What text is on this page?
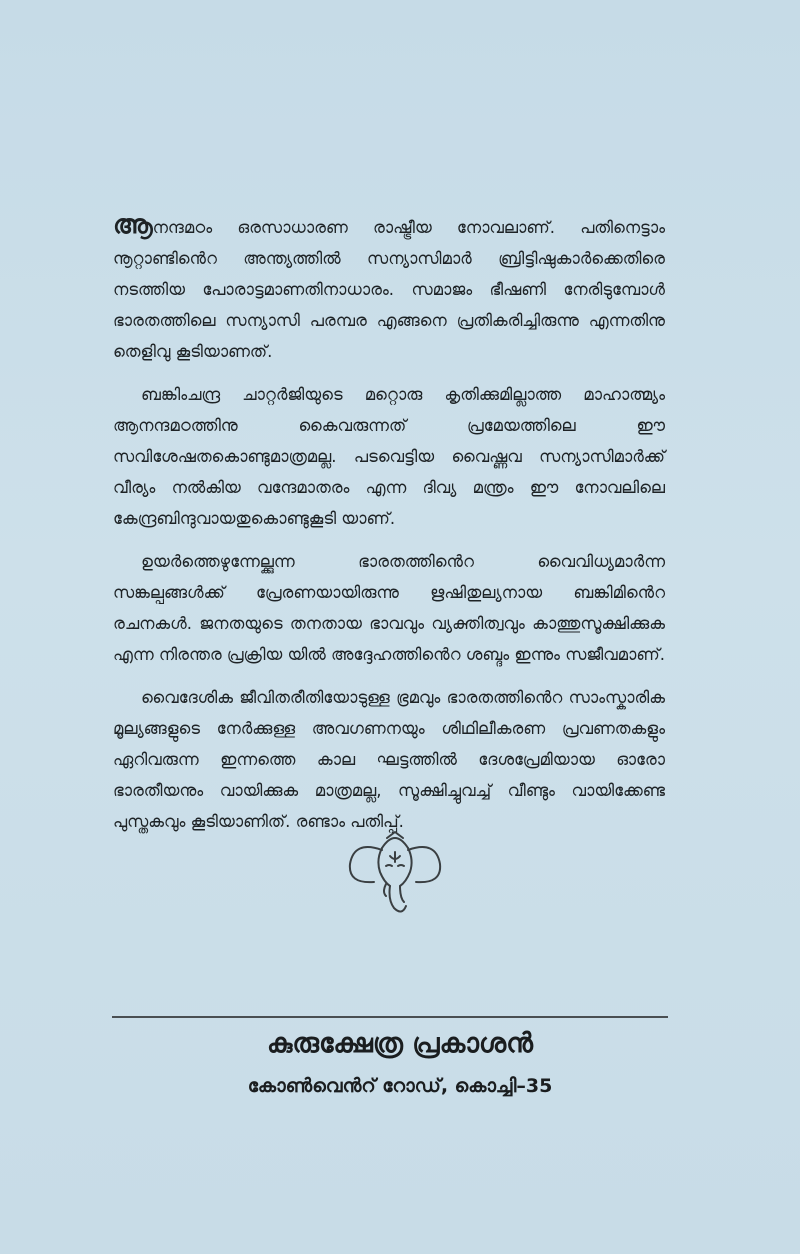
ആനന്ദമഠം ഒരസാധാരണ രാഷ്ട്രീയ നോവലാണ്. പതിനെട്ടാം നൂറ്റാണ്ടിൻെറ അന്ത്യത്തിൽ സന്യാസിമാർ ബ്രിട്ടിഷുകാർക്കെതിരെ നടത്തിയ പോരാട്ടമാണതിനാധാരം. സമാജം ഭീഷണി നേരിടുമ്പോൾ ഭാരതത്തിലെ സന്യാസി പരമ്പര എങ്ങനെ പ്രതികരിച്ചിരുന്നു എന്നതിനു തെളിവു കൂടിയാണത്.

ബങ്കിംചന്ദ്ര ചാറ്റർജിയുടെ മറ്റൊരു കൃതിക്കുമില്ലാത്ത മാഹാത്മ്യം ആനന്ദമഠത്തിനു കൈവരുന്നത് പ്രമേയത്തിലെ ഈ സവിശേഷതകൊണ്ടുമാത്രമല്ല. പടവെട്ടിയ വൈഷ്ണവ സന്യാസിമാർക്ക് വീര്യം നൽകിയ വന്ദേമാതരം എന്ന ദിവ്യ മന്ത്രം ഈ നോവലിലെ കേന്ദ്രബിന്ദുവായതുകൊണ്ടുകൂടി യാണ്.

ഉയർത്തെഴുന്നേല്ക്കുന്ന ഭാരതത്തിൻെറ വൈവിധ്യമാർന്ന സങ്കല്പങ്ങൾക്ക് പ്രേരണയായിരുന്നു ഋഷിതുല്യനായ ബങ്കിമിൻെറ രചനകൾ. ജനതയുടെ തനതായ ഭാവവും വ്യക്തിത്വവും കാത്തുസൂക്ഷിക്കുക എന്ന നിരന്തര പ്രക്രിയ യിൽ അദ്ദേഹത്തിൻെറ ശബ്ദം ഇന്നും സജീവമാണ്.

വൈദേശിക ജീവിതരീതിയോടുള്ള ഭ്രമവും ഭാരതത്തിൻെറ സാംസ്കാരിക മൂല്യങ്ങളുടെ നേർക്കുള്ള അവഗണനയും ശിഥിലീകരണ പ്രവണതകളും ഏറിവരുന്ന ഇന്നത്തെ കാല ഘട്ടത്തിൽ ദേശപ്രേമിയായ ഓരോ ഭാരതീയനും വായിക്കുക മാത്രമല്ല, സൂക്ഷിച്ചുവച്ച് വീണ്ടും വായിക്കേണ്ട പുസ്തകവും കൂടിയാണിത്. രണ്ടാം പതിപ്പ്.

കുരുക്ഷേത്ര പ്രകാശൻ
കോൺവെൻറ് റോഡ്, കൊച്ചി–35
